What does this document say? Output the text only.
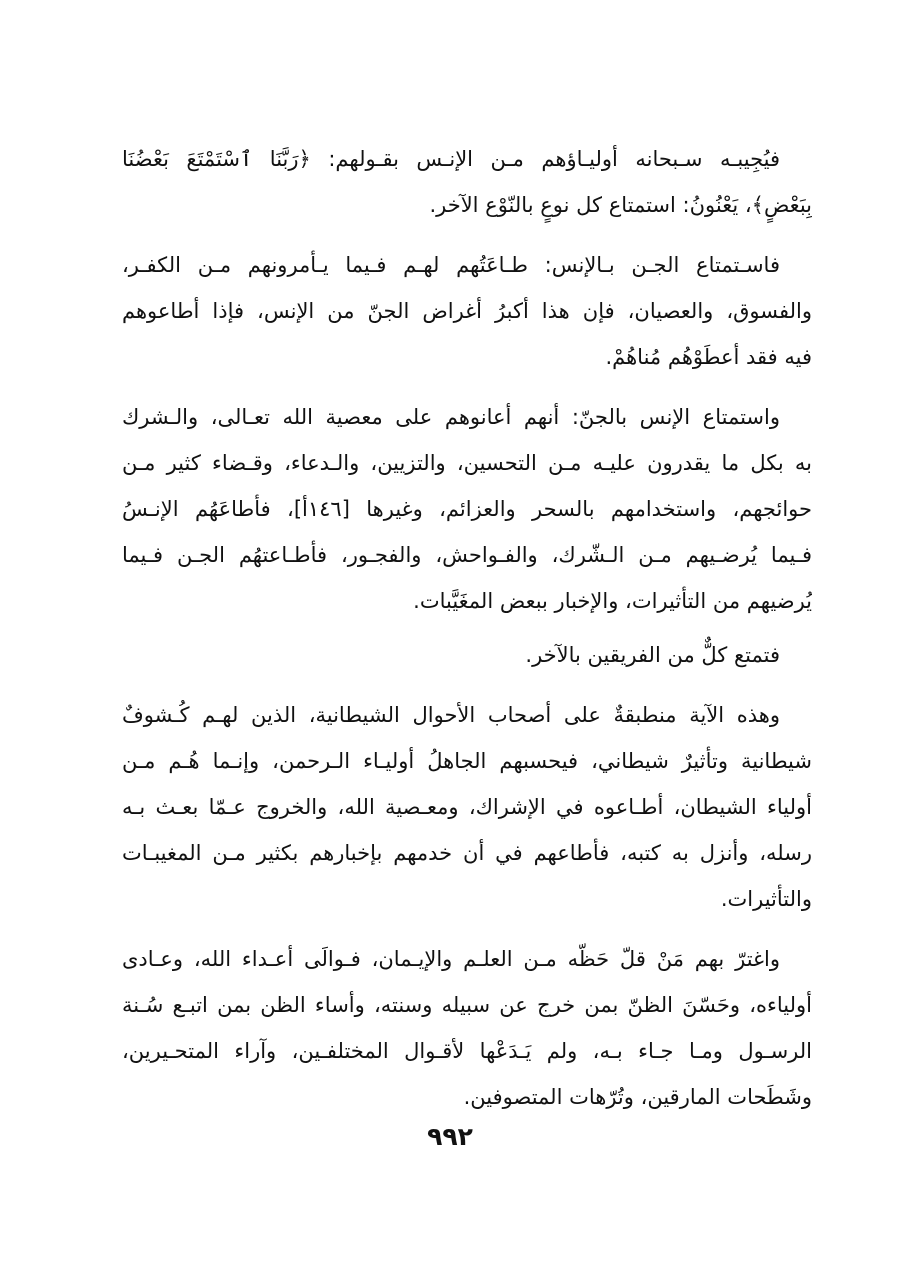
فيُجِيبـه سـبحانه أوليـاؤهم مـن الإنـس بقـولهم: ﴿رَبَّنَا ٱسْتَمْتَعَ بَعْضُنَا
بِبَعْضٍ﴾، يَعْنُونُ: استمتاع كل نوعٍ بالنّوْع الآخر.
فاسـتمتاع الجـن بـالإنس: طـاعَتُهم لهـم فـيما يـأمرونهم مـن الكفـر،
والفسوق، والعصيان، فإن هذا أكبرُ أغراض الجنّ من الإنس، فإذا أطاعوهم
فيه فقد أعطَوْهُم مُناهُمْ.
واستمتاع الإنس بالجنّ: أنهم أعانوهم على معصية الله تعـالى، والـشرك
به بكل ما يقدرون عليـه مـن التحسين، والتزيين، والـدعاء، وقـضاء كثير مـن
حوائجهم، واستخدامهم بالسحر والعزائم، وغيرها [١٤٦أ]، فأطاعَهُم الإنـسُ
فـيما يُرضـيهم مـن الـشّرك، والفـواحش، والفجـور، فأطـاعتهُم الجـن فـيما
يُرضيهم من التأثيرات، والإخبار ببعض المغَيَّبات.
فتمتع كلٌّ من الفريقين بالآخر.
وهذه الآية منطبقةٌ على أصحاب الأحوال الشيطانية، الذين لهـم كُـشوفٌ
شيطانية وتأثيرٌ شيطاني، فيحسبهم الجاهلُ أوليـاء الـرحمن، وإنـما هُـم مـن
أولياء الشيطان، أطـاعوه في الإشراك، ومعـصية الله، والخروج عـمّا بعـث بـه
رسله، وأنزل به كتبه، فأطاعهم في أن خدمهم بإخبارهم بكثير مـن المغيبـات
والتأثيرات.
واغترّ بهم مَنْ قلّ حَظّه مـن العلـم والإيـمان، فـوالَى أعـداء الله، وعـادى
أولياءه، وحَسّنَ الظنّ بمن خرج عن سبيله وسنته، وأساء الظن بمن اتبـع سُـنة
الرسـول ومـا جـاء بـه، ولم يَـدَعْها لأقـوال المختلفـين، وآراء المتحـيرين،
وشَطَحات المارقين، وتُرّهات المتصوفين.
٩٩٢
